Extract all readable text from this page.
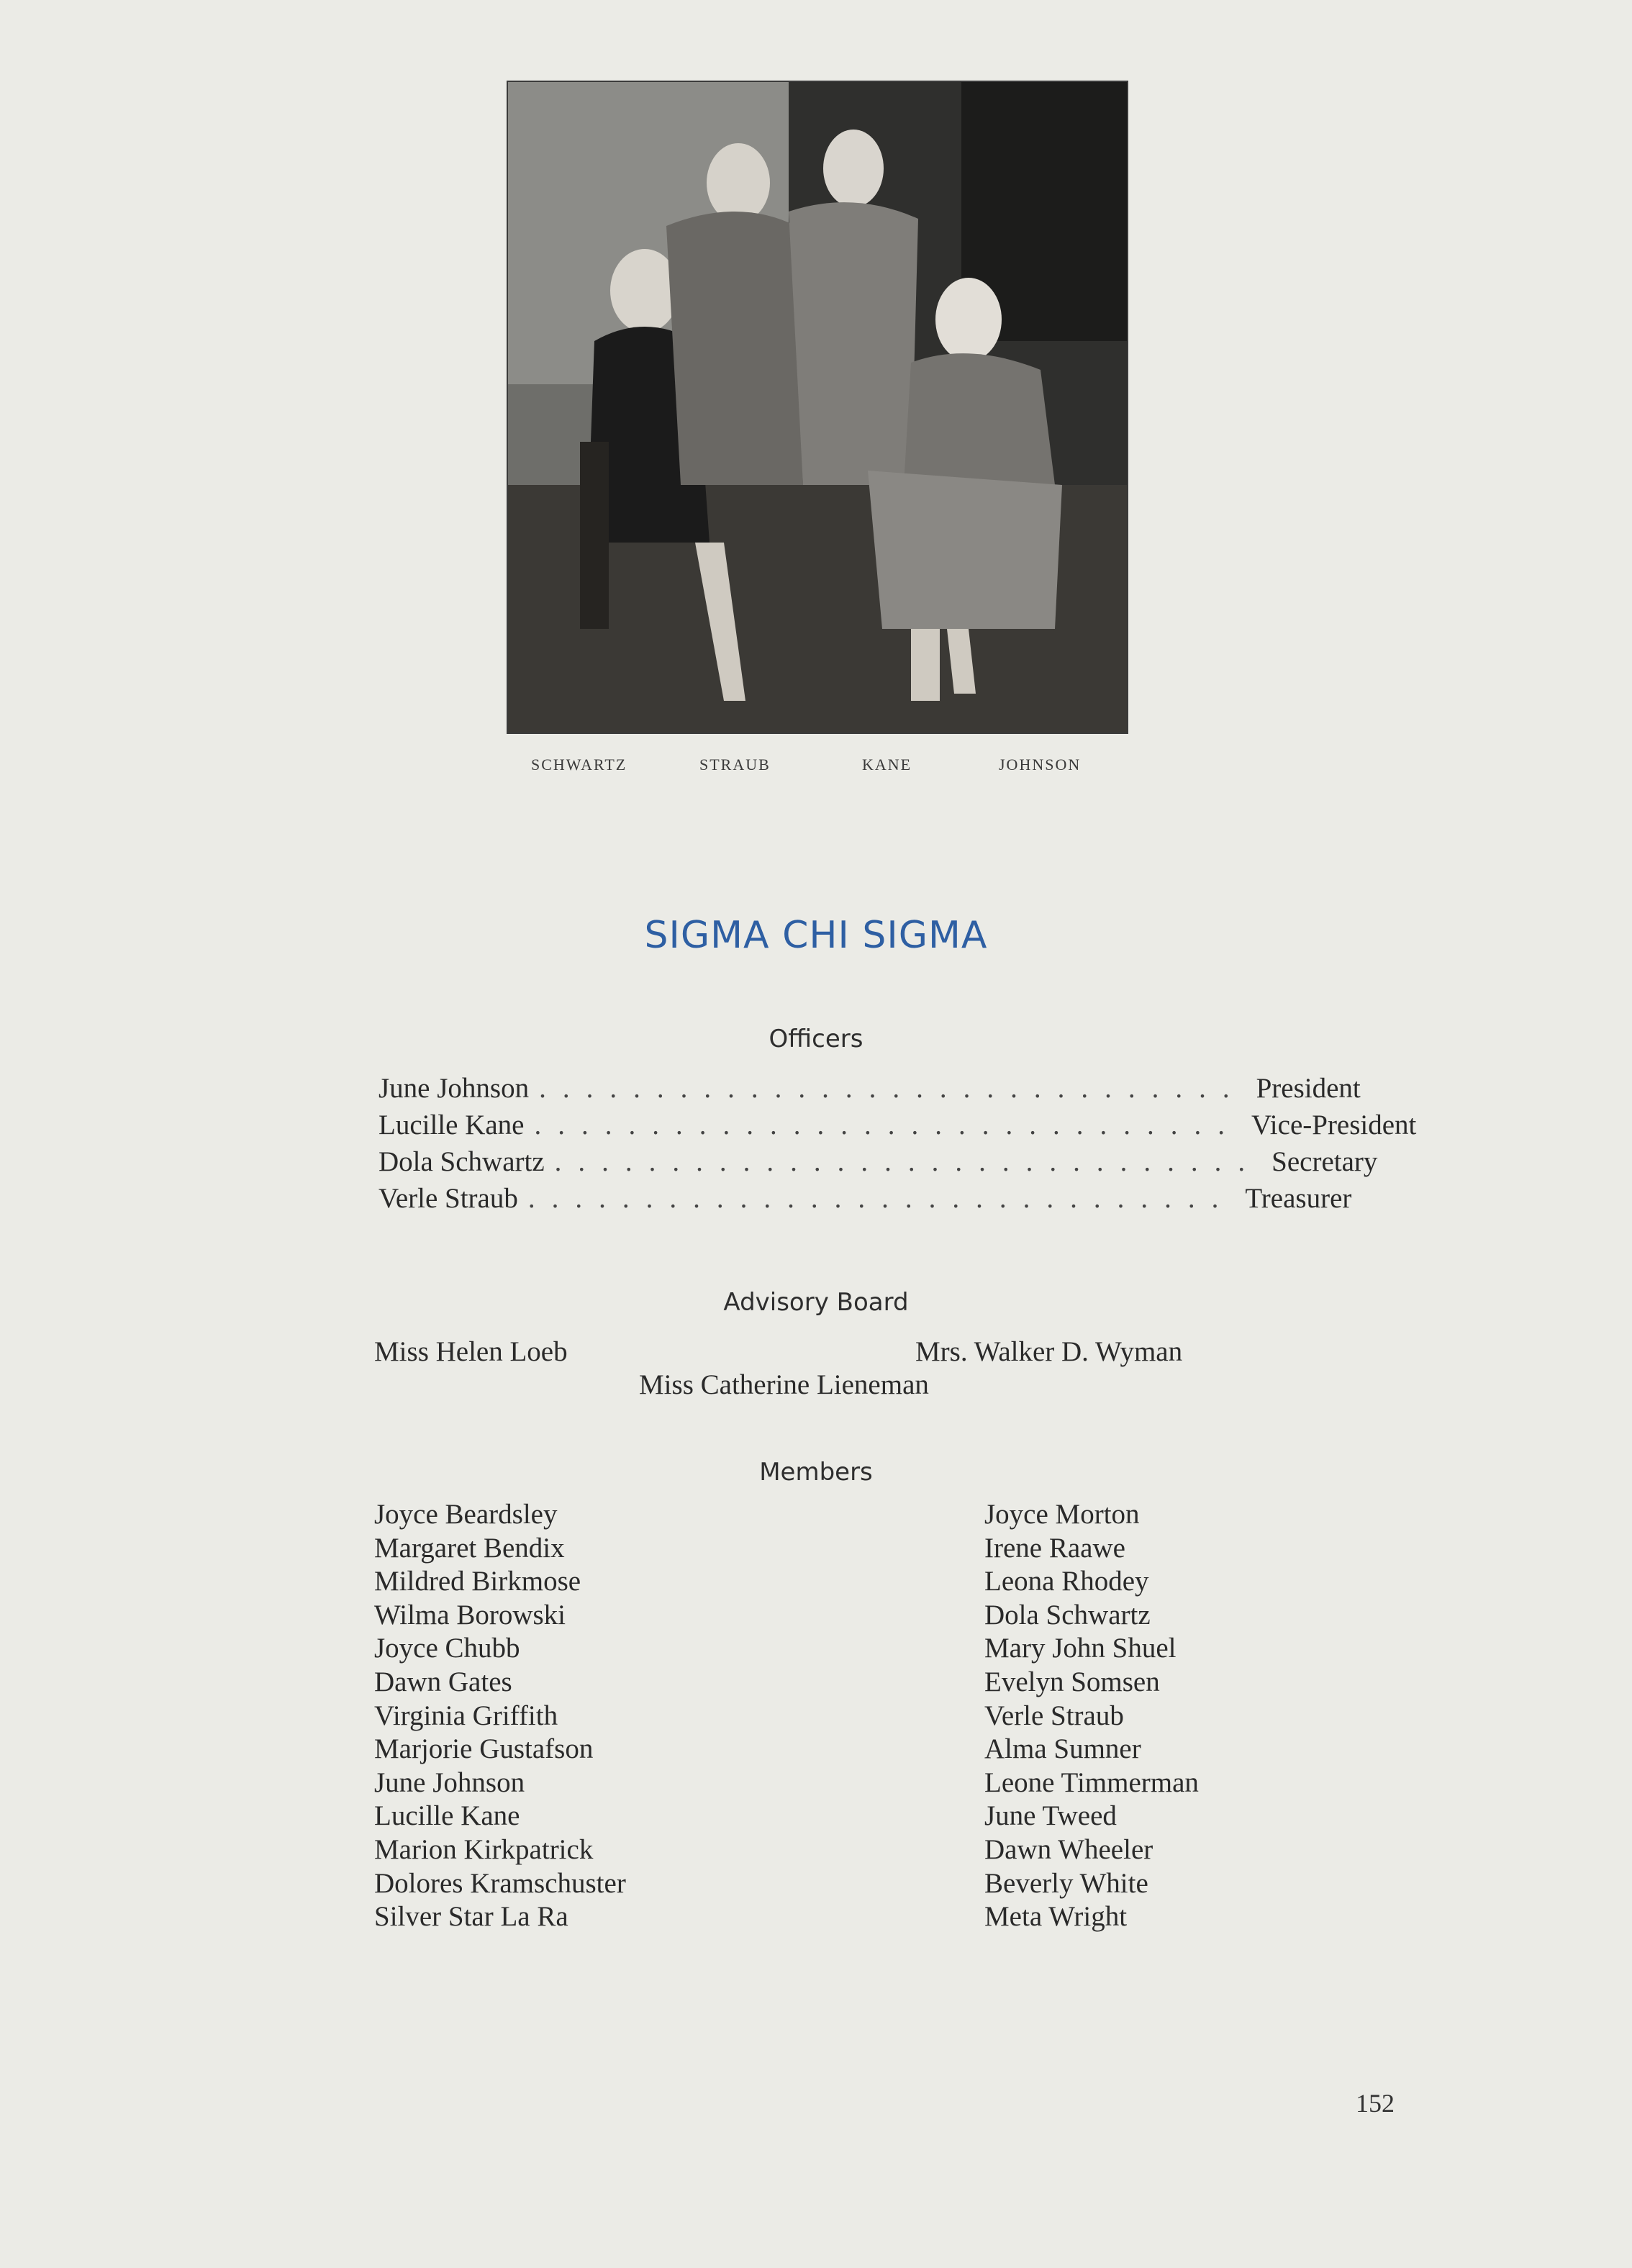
SCHWARTZ	STRAUB	KANE	JOHNSON
SIGMA CHI SIGMA
Officers
June Johnson .............................. President
Lucille Kane .............................. Vice-President
Dola Schwartz .............................. Secretary
Verle Straub .............................. Treasurer
Advisory Board
Miss Helen Loeb	Mrs. Walker D. Wyman
Miss Catherine Lieneman
Members
Joyce Beardsley
Margaret Bendix
Mildred Birkmose
Wilma Borowski
Joyce Chubb
Dawn Gates
Virginia Griffith
Marjorie Gustafson
June Johnson
Lucille Kane
Marion Kirkpatrick
Dolores Kramschuster
Silver Star La Ra
Joyce Morton
Irene Raawe
Leona Rhodey
Dola Schwartz
Mary John Shuel
Evelyn Somsen
Verle Straub
Alma Sumner
Leone Timmerman
June Tweed
Dawn Wheeler
Beverly White
Meta Wright
152
